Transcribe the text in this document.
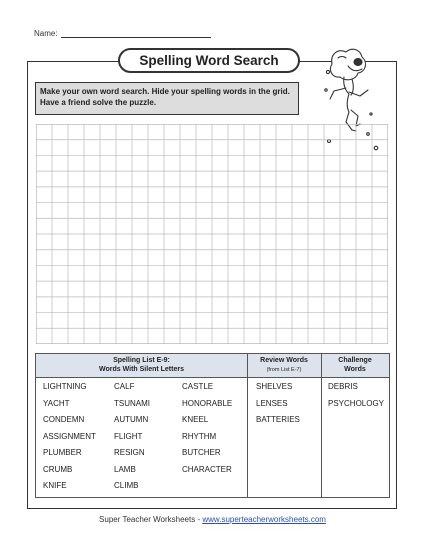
Name:
Spelling Word Search
Make your own word search. Hide your spelling words in the grid. Have a friend solve the puzzle.
Spelling List E-9:
Words With Silent Letters
Review Words
(from List E-7)
Challenge
Words
LIGHTNING
YACHT
CONDEMN
ASSIGNMENT
PLUMBER
CRUMB
KNIFE
CALF
TSUNAMI
AUTUMN
FLIGHT
RESIGN
LAMB
CLIMB
CASTLE
HONORABLE
KNEEL
RHYTHM
BUTCHER
CHARACTER
SHELVES
LENSES
BATTERIES
DEBRIS
PSYCHOLOGY
Super Teacher Worksheets - www.superteacherworksheets.com
